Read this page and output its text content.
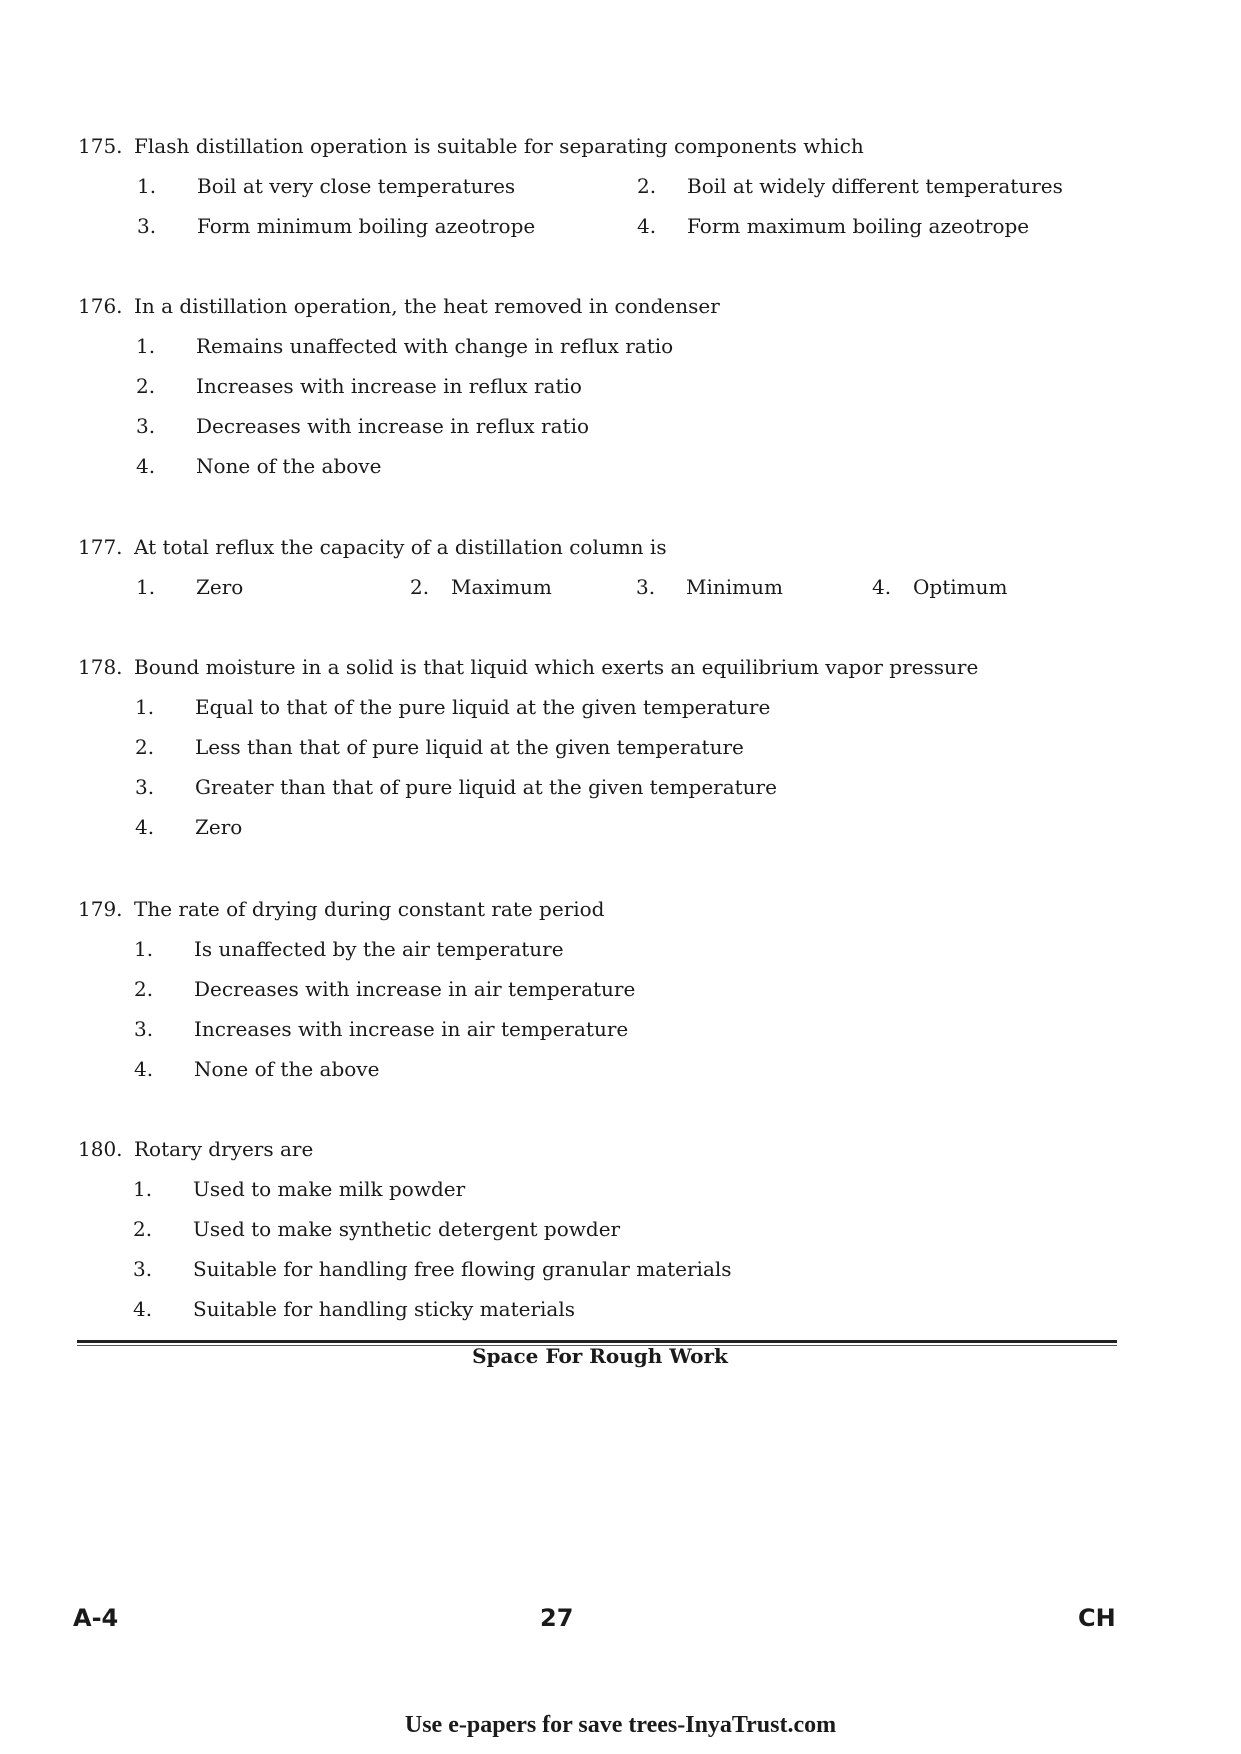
175. Flash distillation operation is suitable for separating components which
1. Boil at very close temperatures	2. Boil at widely different temperatures
3. Form minimum boiling azeotrope	4. Form maximum boiling azeotrope
176. In a distillation operation, the heat removed in condenser
1. Remains unaffected with change in reflux ratio
2. Increases with increase in reflux ratio
3. Decreases with increase in reflux ratio
4. None of the above
177. At total reflux the capacity of a distillation column is
1. Zero	2. Maximum	3. Minimum	4. Optimum
178. Bound moisture in a solid is that liquid which exerts an equilibrium vapor pressure
1. Equal to that of the pure liquid at the given temperature
2. Less than that of pure liquid at the given temperature
3. Greater than that of pure liquid at the given temperature
4. Zero
179. The rate of drying during constant rate period
1. Is unaffected by the air temperature
2. Decreases with increase in air temperature
3. Increases with increase in air temperature
4. None of the above
180. Rotary dryers are
1. Used to make milk powder
2. Used to make synthetic detergent powder
3. Suitable for handling free flowing granular materials
4. Suitable for handling sticky materials
Space For Rough Work
A-4	27	CH
Use e-papers for save trees-InyaTrust.com
